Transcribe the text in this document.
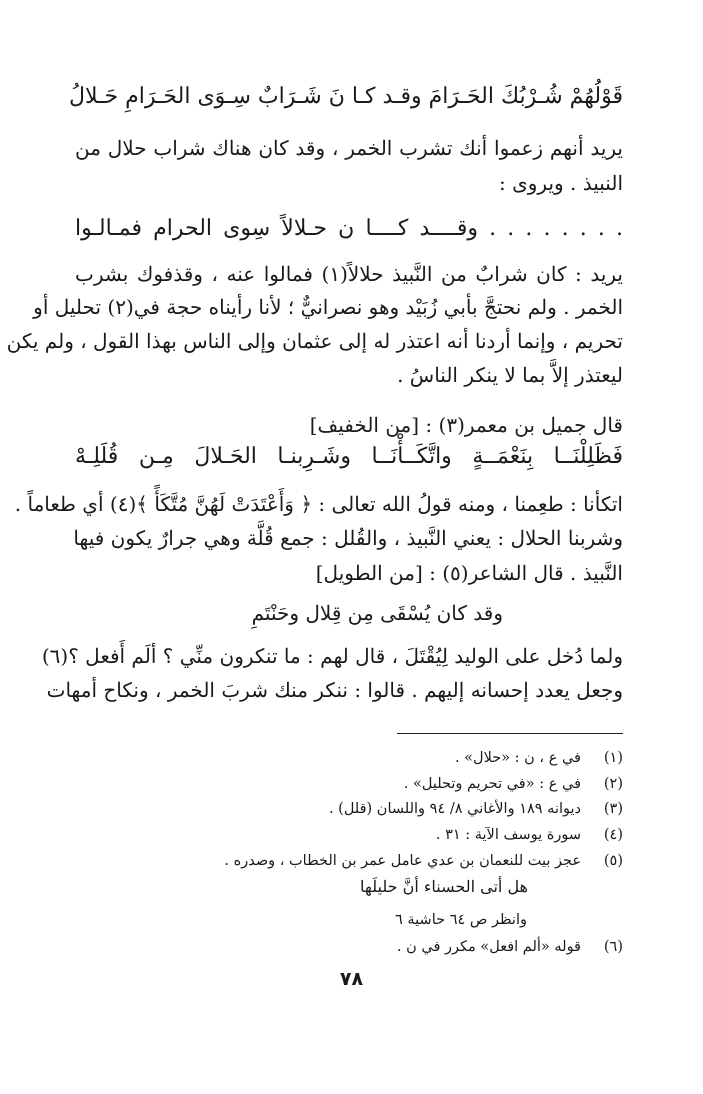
قَوْلُهُمْ شُـرْبُكَ الحَـرَامَ وقـد كـا نَ شَـرَابٌ سِـوَى الحَـرَامِ حَـلالُ
يريد أنهم زعموا أنك تشرب الخمر ، وقد كان هناك شراب حلال من
النبيذ . ويروى :
. . . . . . . . وقــــد كــــا ن حـلالاً سِوى الحرام فمـالـوا
يريد : كان شرابٌ من النَّبيذ حلالاً(١) فمالوا عنه ، وقذفوك بشرب
الخمر . ولم نحتجَّ بأبي زُبَيْد وهو نصرانيٌّ ؛ لأنا رأيناه حجة في(٢) تحليل أو
تحريم ، وإنما أردنا أنه اعتذر له إلى عثمان وإلى الناس بهذا القول ، ولم يكن
ليعتذر إلاَّ بما لا ينكر الناسُ .
قال جميل بن معمر(٣) : [من الخفيف]
فَظَلِلْنَــا بِنَعْمَــةٍ واتَّكَــأْنَــا وشَـرِبنـا الحَـلالَ مِـن قُلَلِـهْ
اتكأنا : طعِمنا ، ومنه قولُ الله تعالى : ﴿ وَأَعْتَدَتْ لَهُنَّ مُتَّكَأً ﴾(٤) أي طعاماً .
وشربنا الحلال : يعني النَّبيذ ، والقُلل : جمع قُلَّة وهي جرارٌ يكون فيها
النَّبيذ . قال الشاعر(٥) : [من الطويل]
وقد كان يُسْقَى مِن قِلال وحَنْتَمِ
ولما دُخل على الوليد لِيُقْتَلَ ، قال لهم : ما تنكرون منِّي ؟ ألَم أَفعل ؟(٦)
وجعل يعدد إحسانه إليهم . قالوا : ننكر منك شربَ الخمر ، ونكاح أمهات
(١)
في ع ، ن : «حلال» .
(٢)
في ع : «في تحريم وتحليل» .
(٣)
ديوانه ١٨٩ والأغاني ٨/ ٩٤ واللسان (قلل) .
(٤)
سورة يوسف الآية : ٣١ .
(٥)
عجز بيت للنعمان بن عدي عامل عمر بن الخطاب ، وصدره .
هل أتى الحسناء أنَّ حليلَها
وانظر ص ٦٤ حاشية ٦
(٦)
قوله «ألم افعل» مكرر في ن .
٧٨
